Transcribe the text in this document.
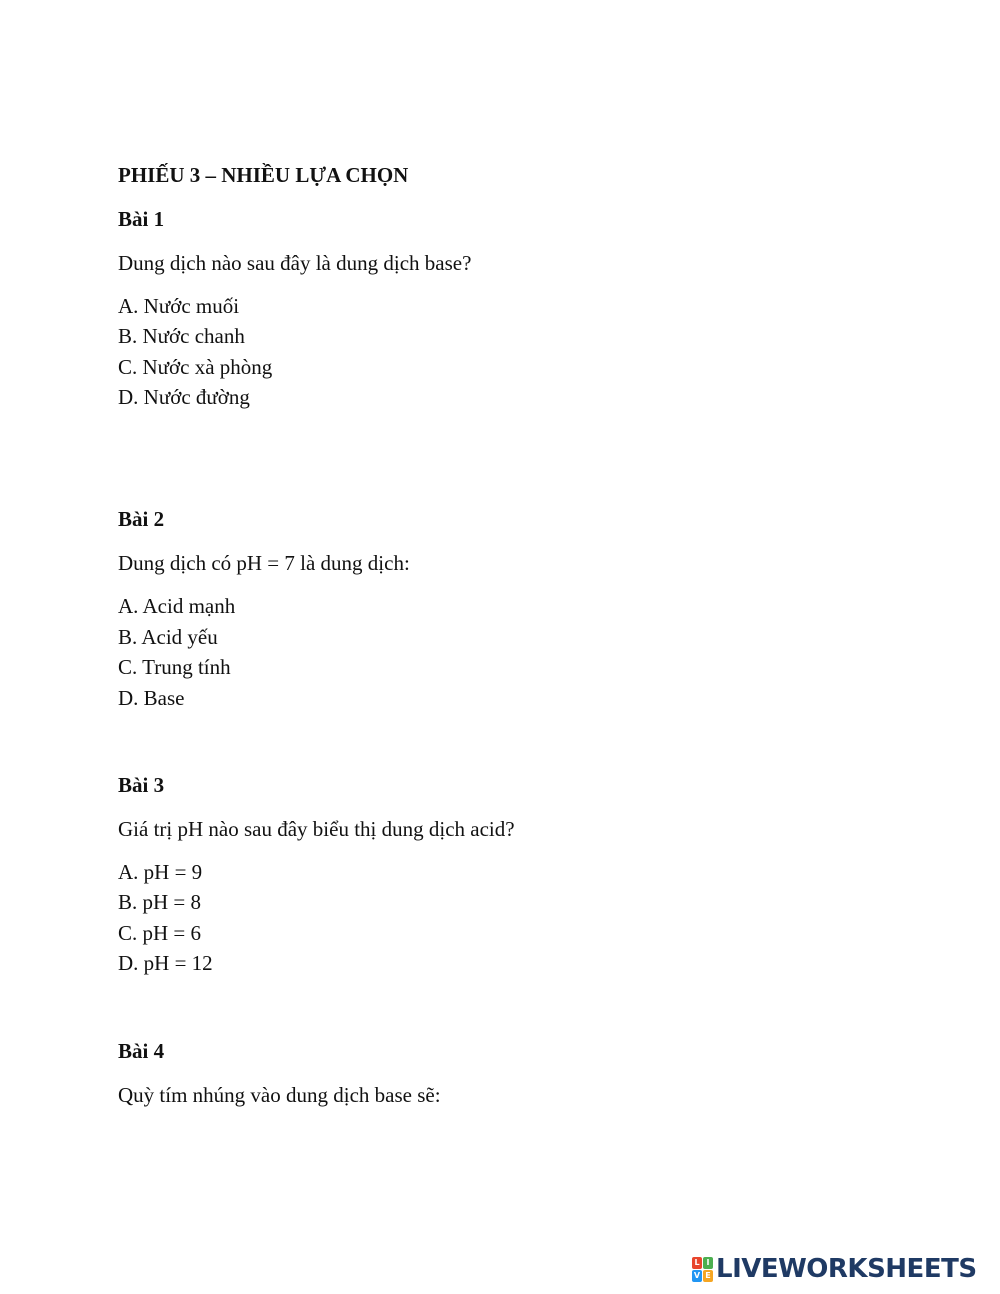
PHIẾU 3 – NHIỀU LỰA CHỌN
Bài 1
Dung dịch nào sau đây là dung dịch base?
A. Nước muối
B. Nước chanh
C. Nước xà phòng
D. Nước đường
Bài 2
Dung dịch có pH = 7 là dung dịch:
A. Acid mạnh
B. Acid yếu
C. Trung tính
D. Base
Bài 3
Giá trị pH nào sau đây biểu thị dung dịch acid?
A. pH = 9
B. pH = 8
C. pH = 6
D. pH = 12
Bài 4
Quỳ tím nhúng vào dung dịch base sẽ:
L I
V E LIVEWORKSHEETS
